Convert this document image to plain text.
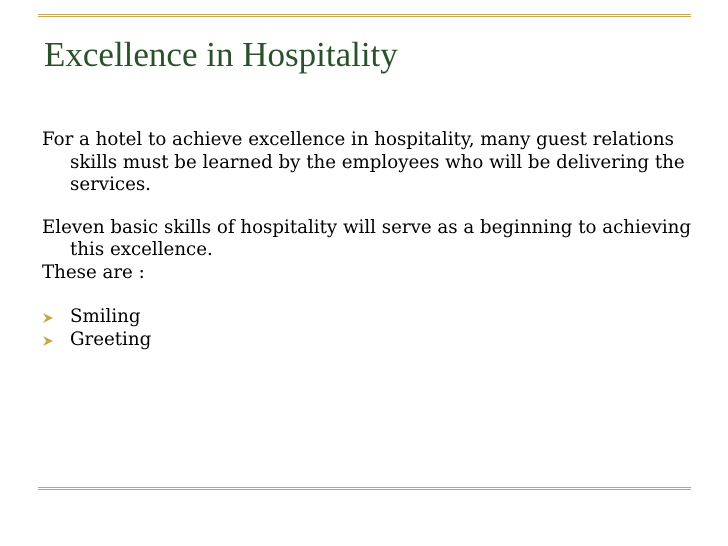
Excellence in Hospitality

For a hotel to achieve excellence in hospitality, many guest relations skills must be learned by the employees who will be delivering the services.

Eleven basic skills of hospitality will serve as a beginning to achieving this excellence.

These are :

Smiling
Greeting
